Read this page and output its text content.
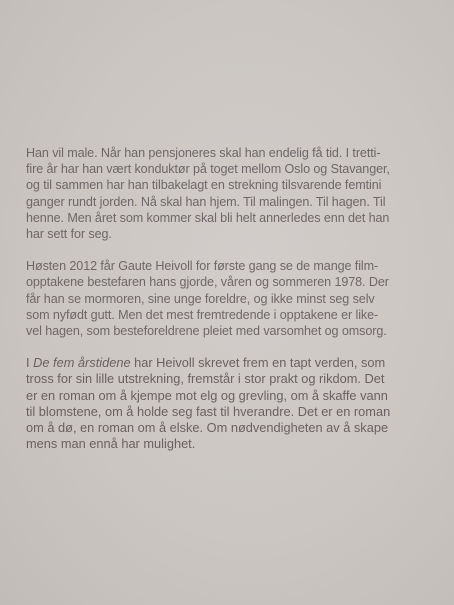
Han vil male. Når han pensjoneres skal han endelig få tid. I tretti-
fire år har han vært konduktør på toget mellom Oslo og Stavanger,
og til sammen har han tilbakelagt en strekning tilsvarende femtini
ganger rundt jorden. Nå skal han hjem. Til malingen. Til hagen. Til
henne. Men året som kommer skal bli helt annerledes enn det han
har sett for seg.

Høsten 2012 får Gaute Heivoll for første gang se de mange film-
opptakene bestefaren hans gjorde, våren og sommeren 1978. Der
får han se mormoren, sine unge foreldre, og ikke minst seg selv
som nyfødt gutt. Men det mest fremtredende i opptakene er like-
vel hagen, som besteforeldrene pleiet med varsomhet og omsorg.

I De fem årstidene har Heivoll skrevet frem en tapt verden, som
tross for sin lille utstrekning, fremstår i stor prakt og rikdom. Det
er en roman om å kjempe mot elg og grevling, om å skaffe vann
til blomstene, om å holde seg fast til hverandre. Det er en roman
om å dø, en roman om å elske. Om nødvendigheten av å skape
mens man ennå har mulighet.
